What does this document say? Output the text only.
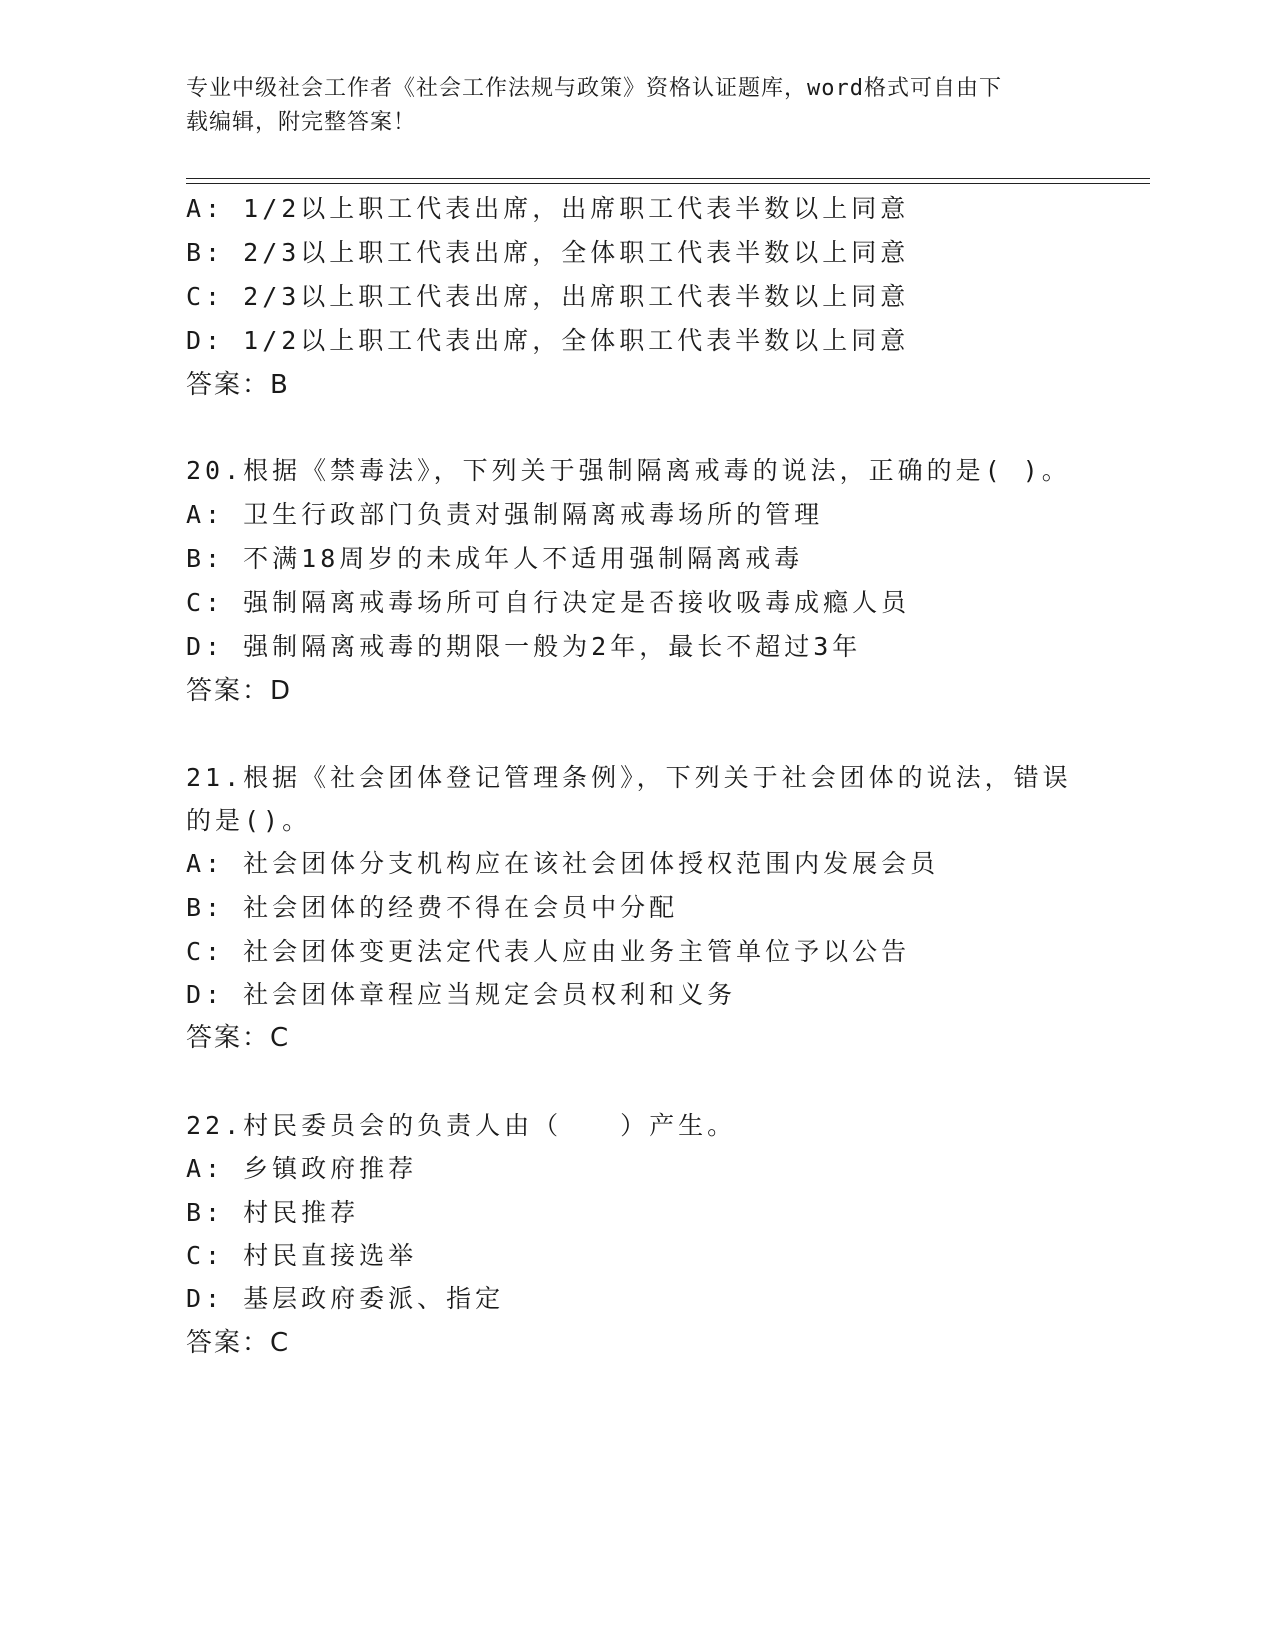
专业中级社会工作者《社会工作法规与政策》资格认证题库，word格式可自由下
载编辑，附完整答案！
A: 1/2以上职工代表出席，出席职工代表半数以上同意
B: 2/3以上职工代表出席，全体职工代表半数以上同意
C: 2/3以上职工代表出席，出席职工代表半数以上同意
D: 1/2以上职工代表出席，全体职工代表半数以上同意
答案：B
20.根据《禁毒法》，下列关于强制隔离戒毒的说法，正确的是( )。
A: 卫生行政部门负责对强制隔离戒毒场所的管理
B: 不满18周岁的未成年人不适用强制隔离戒毒
C: 强制隔离戒毒场所可自行决定是否接收吸毒成瘾人员
D: 强制隔离戒毒的期限一般为2年，最长不超过3年
答案：D
21.根据《社会团体登记管理条例》，下列关于社会团体的说法，错误
的是()。
A: 社会团体分支机构应在该社会团体授权范围内发展会员
B: 社会团体的经费不得在会员中分配
C: 社会团体变更法定代表人应由业务主管单位予以公告
D: 社会团体章程应当规定会员权利和义务
答案：C
22.村民委员会的负责人由（　　）产生。
A: 乡镇政府推荐
B: 村民推荐
C: 村民直接选举
D: 基层政府委派、指定
答案：C
